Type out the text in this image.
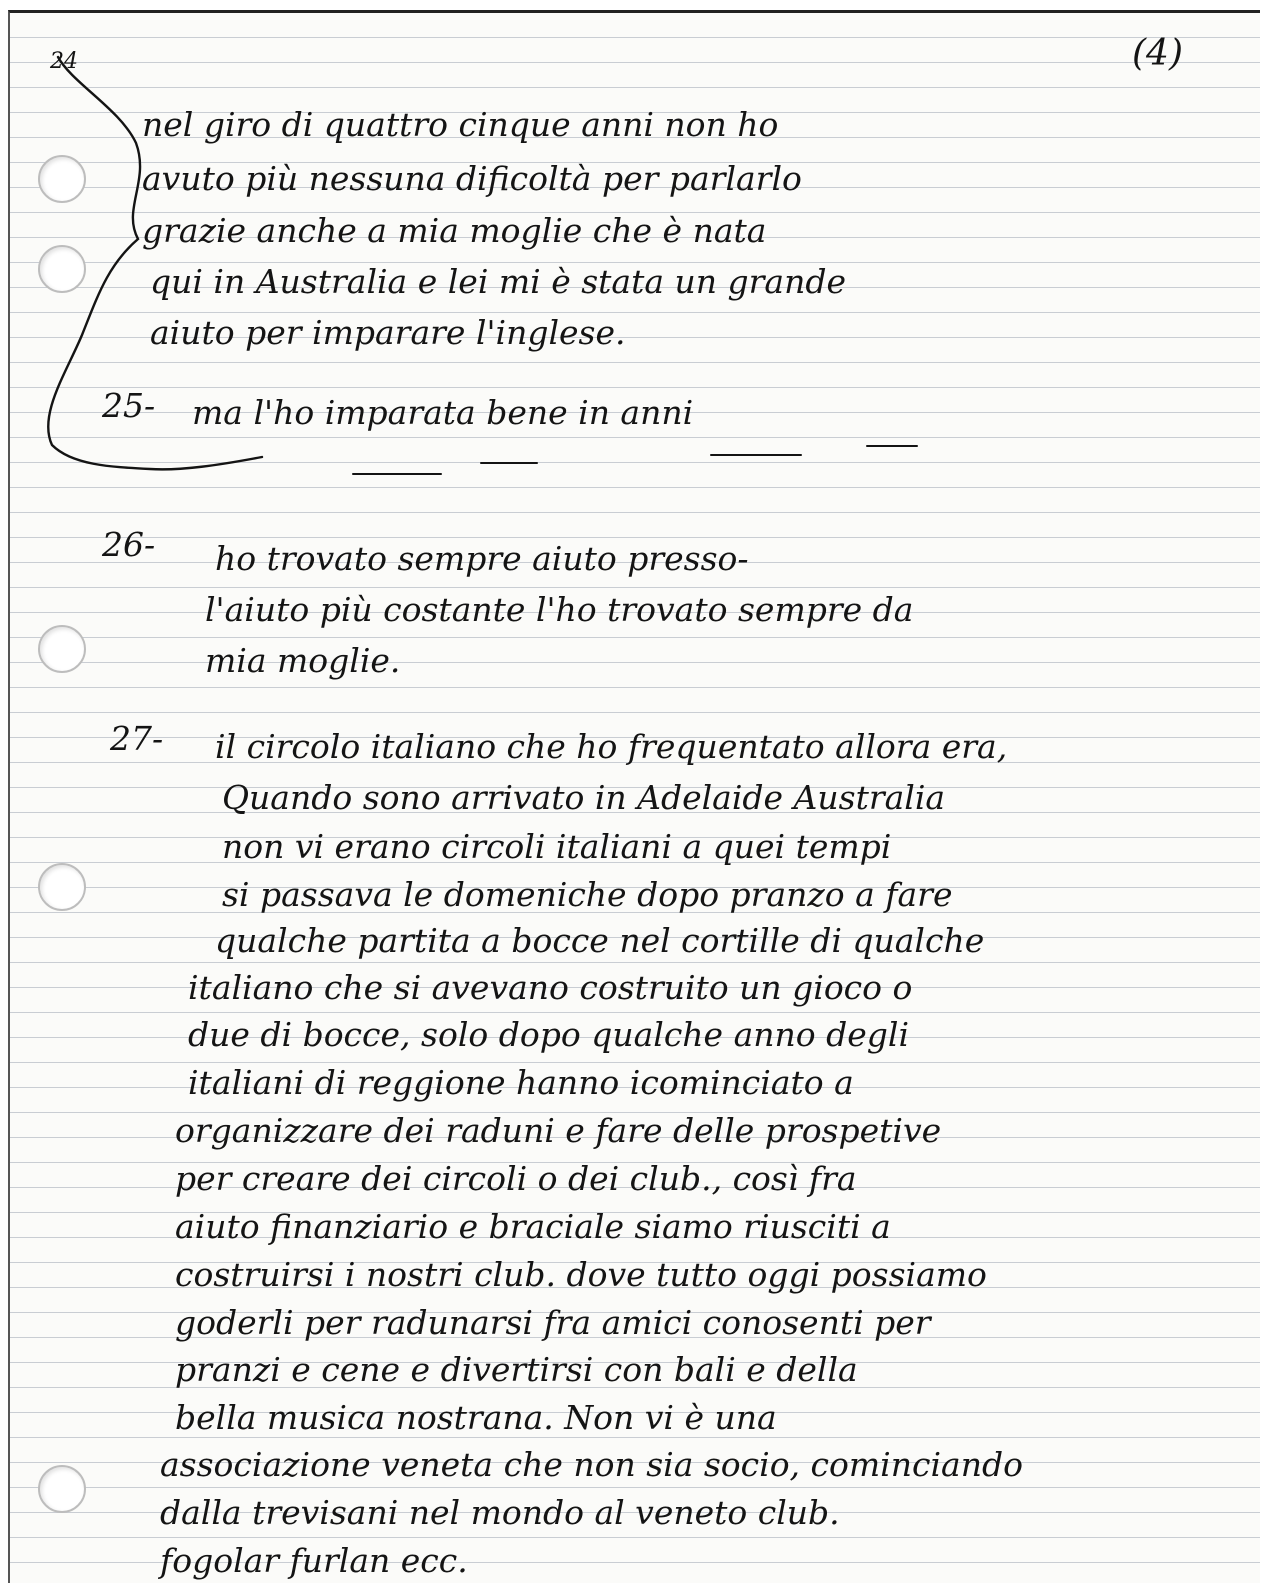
24	(4)
nel giro di quattro cinque anni non ho
avuto più nessuna dificoltà per parlarlo
grazie anche a mia moglie che è nata
qui in Australia e lei mi è stata un grande
aiuto per imparare l'inglese.
25- ma l'ho imparata bene in anni
26- ho trovato sempre aiuto presso-
l'aiuto più costante l'ho trovato sempre da
mia moglie.
27- il circolo italiano che ho frequentato allora era,
Quando sono arrivato in Adelaide Australia
non vi erano circoli italiani a quei tempi
si passava le domeniche dopo pranzo a fare
qualche partita a bocce nel cortille di qualche
italiano che si avevano costruito un gioco o
due di bocce, solo dopo qualche anno degli
italiani di reggione hanno icominciato a
organizzare dei raduni e fare delle prospetive
per creare dei circoli o dei club., così fra
aiuto finanziario e braciale siamo riusciti a
costruirsi i nostri club. dove tutto oggi possiamo
goderli per radunarsi fra amici conosenti per
pranzi e cene e divertirsi con bali e della
bella musica nostrana. Non vi è una
associazione veneta che non sia socio, cominciando
dalla trevisani nel mondo al veneto club.
fogolar furlan ecc.
